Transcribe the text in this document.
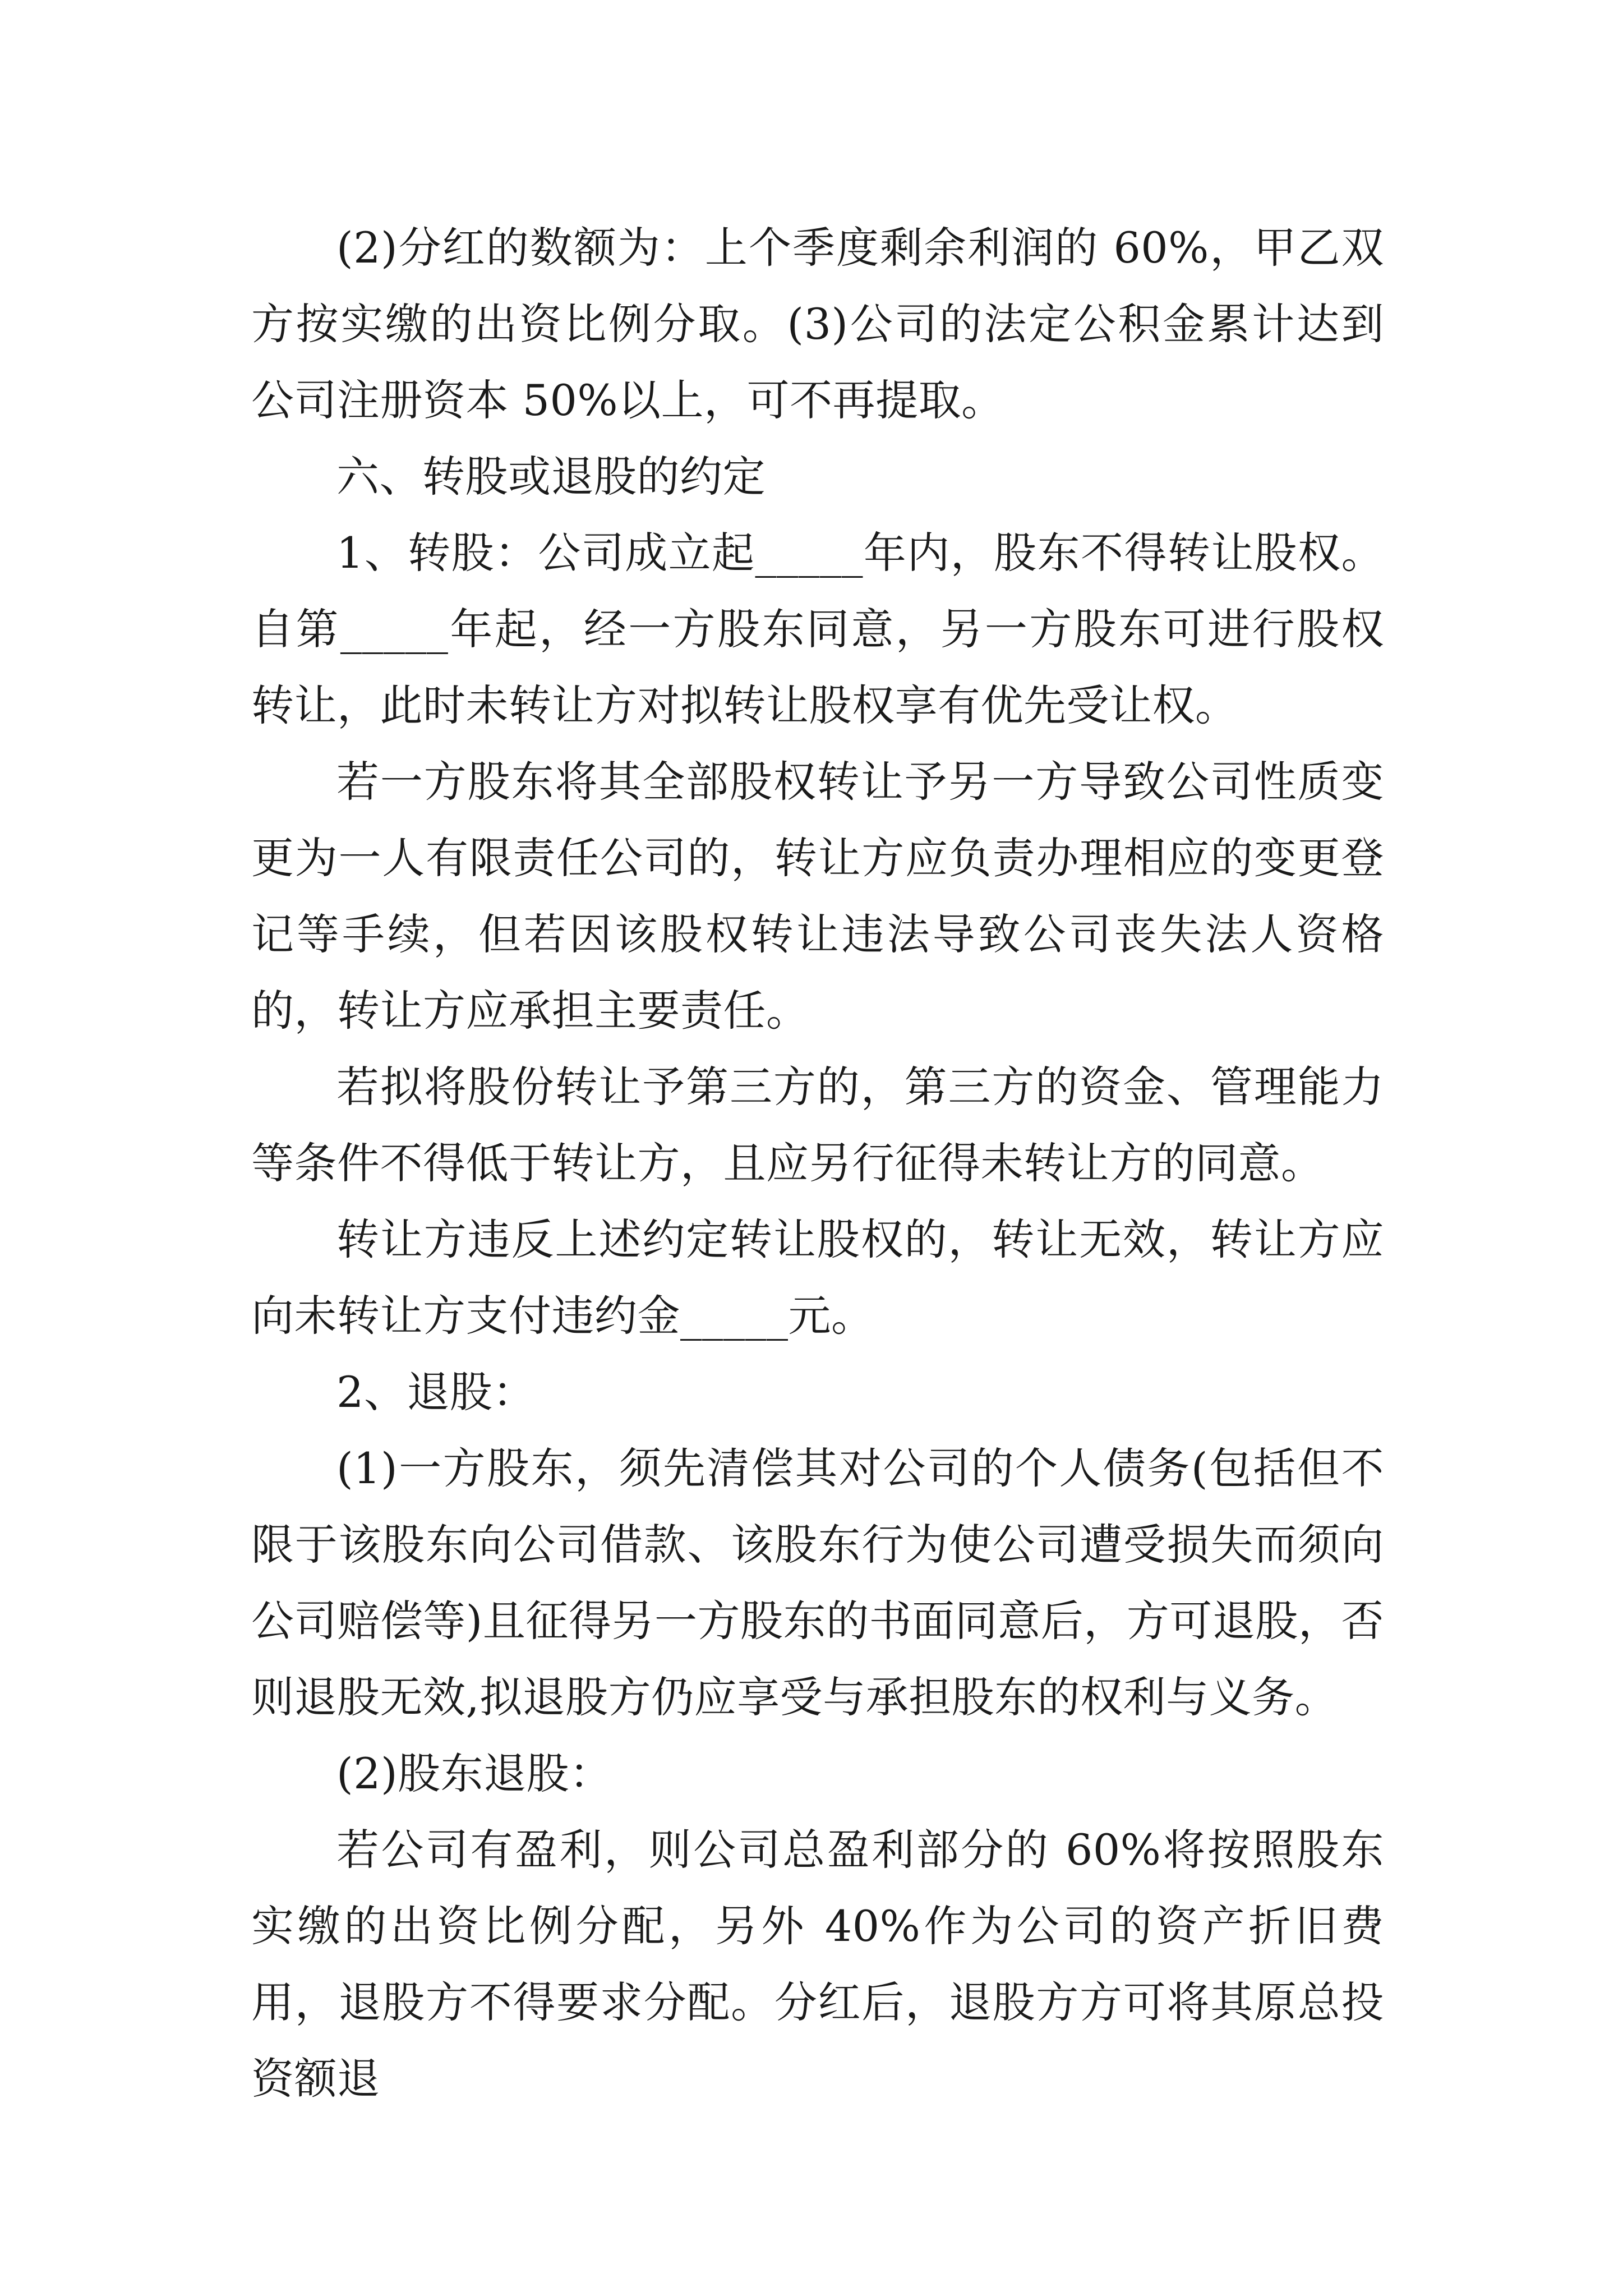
(2)分红的数额为：上个季度剩余利润的 60%，甲乙双方按实缴的出资比例分取。(3)公司的法定公积金累计达到公司注册资本 50%以上，可不再提取。

六、转股或退股的约定

1、转股：公司成立起_____年内，股东不得转让股权。自第_____年起，经一方股东同意，另一方股东可进行股权转让，此时未转让方对拟转让股权享有优先受让权。

若一方股东将其全部股权转让予另一方导致公司性质变更为一人有限责任公司的，转让方应负责办理相应的变更登记等手续，但若因该股权转让违法导致公司丧失法人资格的，转让方应承担主要责任。

若拟将股份转让予第三方的，第三方的资金、管理能力等条件不得低于转让方，且应另行征得未转让方的同意。

转让方违反上述约定转让股权的，转让无效，转让方应向未转让方支付违约金_____元。

2、退股：

(1)一方股东，须先清偿其对公司的个人债务(包括但不限于该股东向公司借款、该股东行为使公司遭受损失而须向公司赔偿等)且征得另一方股东的书面同意后，方可退股，否则退股无效,拟退股方仍应享受与承担股东的权利与义务。

(2)股东退股：

若公司有盈利，则公司总盈利部分的 60%将按照股东实缴的出资比例分配，另外 40%作为公司的资产折旧费用，退股方不得要求分配。分红后，退股方方可将其原总投资额退
